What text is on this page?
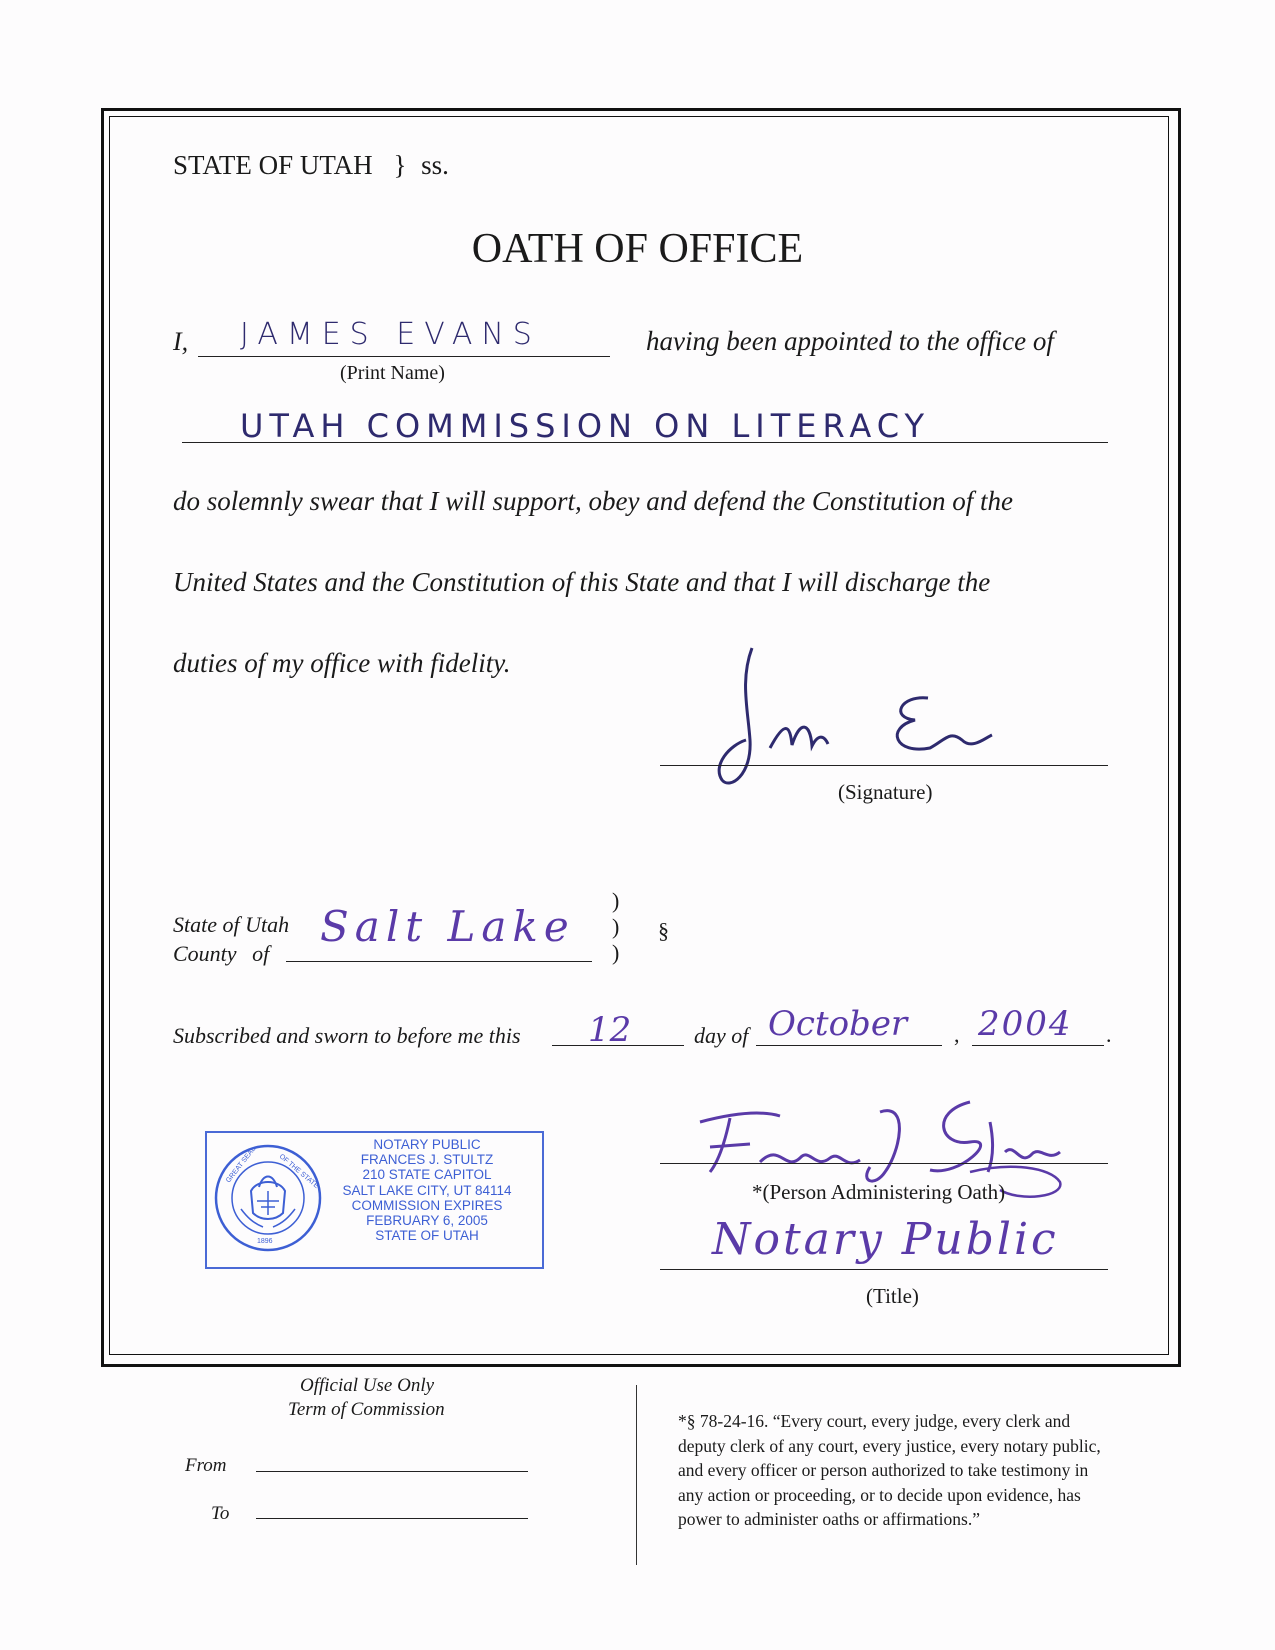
STATE OF UTAH } ss.
OATH OF OFFICE
I, JAMES EVANS
(Print Name)
having been appointed to the office of
UTAH COMMISSION ON LITERACY
do solemnly swear that I will support, obey and defend the Constitution of the
United States and the Constitution of this State and that I will discharge the
duties of my office with fidelity.
(Signature)
State of Utah
County of
Salt Lake
)
)
)
§
Subscribed and sworn to before me this 12	day of October , 2004 .
GREAT SEAL	OF THE STATE
1896
NOTARY PUBLIC
FRANCES J. STULTZ
210 STATE CAPITOL
SALT LAKE CITY, UT 84114
COMMISSION EXPIRES
FEBRUARY 6, 2005
STATE OF UTAH
*(Person Administering Oath)
Notary Public
(Title)
Official Use Only
Term of Commission
From
To
*§ 78-24-16. “Every court, every judge, every clerk and
deputy clerk of any court, every justice, every notary public,
and every officer or person authorized to take testimony in
any action or proceeding, or to decide upon evidence, has
power to administer oaths or affirmations.”
